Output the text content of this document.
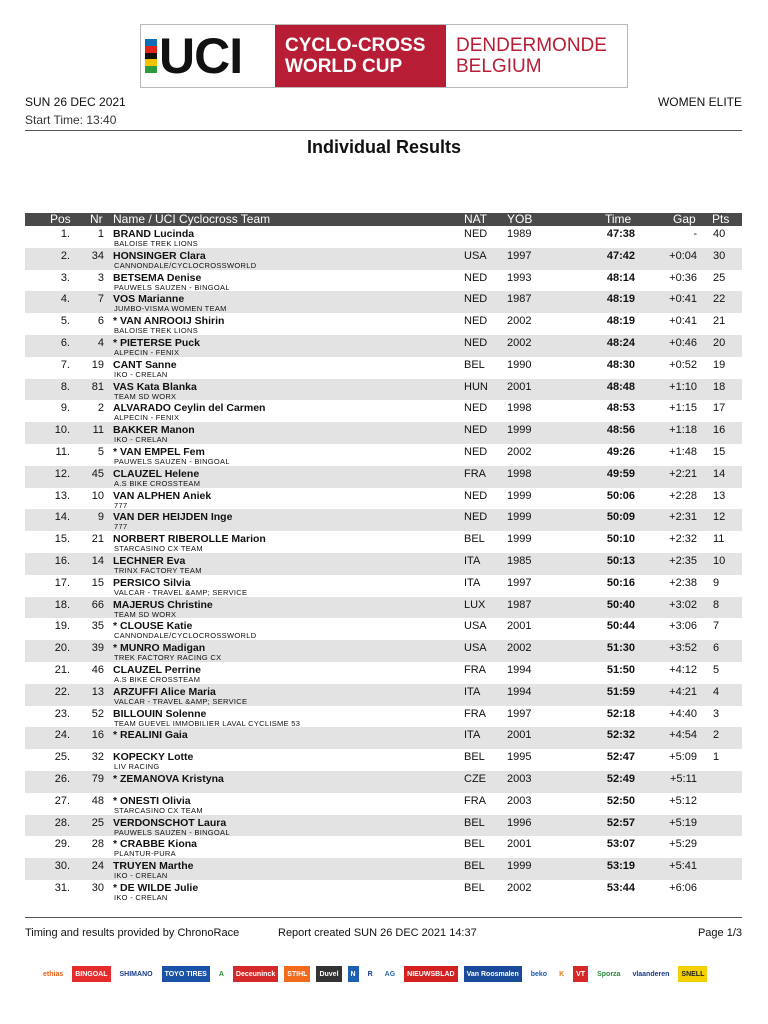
UCI CYCLO-CROSS
WORLD CUP
DENDERMONDE
BELGIUM
SUN 26 DEC 2021
Start Time: 13:40
WOMEN ELITE
Individual Results
Pos Nr Name / UCI Cyclocross Team	NAT YOB	Time	Gap Pts
1.	1 BRAND Lucinda
BALOISE TREK LIONS
NED 1989	47:38	- 40
2.	34 HONSINGER Clara
CANNONDALE/CYCLOCROSSWORLD
USA 1997	47:42	+0:04 30
3.	3 BETSEMA Denise
PAUWELS SAUZEN - BINGOAL
NED 1993	48:14	+0:36 25
4.	7 VOS Marianne
JUMBO-VISMA WOMEN TEAM
NED 1987	48:19	+0:41 22
5.	6 * VAN ANROOIJ Shirin
BALOISE TREK LIONS
NED 2002	48:19	+0:41 21
6.	4 * PIETERSE Puck
ALPECIN - FENIX
NED 2002	48:24	+0:46 20
7.	19 CANT Sanne
IKO - CRELAN
BEL 1990	48:30	+0:52 19
8.	81 VAS Kata Blanka
TEAM SD WORX
HUN 2001	48:48	+1:10 18
9.	2 ALVARADO Ceylin del Carmen
ALPECIN - FENIX
NED 1998	48:53	+1:15 17
10.	11 BAKKER Manon
IKO - CRELAN
NED 1999	48:56	+1:18 16
11.	5 * VAN EMPEL Fem
PAUWELS SAUZEN - BINGOAL
NED 2002	49:26	+1:48 15
12.	45 CLAUZEL Helene
A.S BIKE CROSSTEAM
FRA 1998	49:59	+2:21 14
13.	10 VAN ALPHEN Aniek
777
NED 1999	50:06	+2:28 13
14.	9 VAN DER HEIJDEN Inge
777
NED 1999	50:09	+2:31 12
15.	21 NORBERT RIBEROLLE Marion
STARCASINO CX TEAM
BEL 1999	50:10	+2:32 11
16.	14 LECHNER Eva
TRINX FACTORY TEAM
ITA 1985	50:13	+2:35 10
17.	15 PERSICO Silvia
VALCAR - TRAVEL &AMP; SERVICE
ITA 1997	50:16	+2:38 9
18.	66 MAJERUS Christine
TEAM SD WORX
LUX 1987	50:40	+3:02 8
19.	35 * CLOUSE Katie
CANNONDALE/CYCLOCROSSWORLD
USA 2001	50:44	+3:06 7
20.	39 * MUNRO Madigan
TREK FACTORY RACING CX
USA 2002	51:30	+3:52 6
21.	46 CLAUZEL Perrine
A.S BIKE CROSSTEAM
FRA 1994	51:50	+4:12 5
22.	13 ARZUFFI Alice Maria
VALCAR - TRAVEL &AMP; SERVICE
ITA 1994	51:59	+4:21 4
23.	52 BILLOUIN Solenne
TEAM GUEVEL IMMOBILIER LAVAL CYCLISME 53
FRA 1997	52:18	+4:40 3
24.	16 * REALINI Gaia	ITA 2001	52:32	+4:54 2
25.	32 KOPECKY Lotte
LIV RACING
BEL 1995	52:47	+5:09 1
26.	79 * ZEMANOVA Kristyna	CZE 2003	52:49	+5:11
27.	48 * ONESTI Olivia
STARCASINO CX TEAM
FRA 2003	52:50	+5:12
28.	25 VERDONSCHOT Laura
PAUWELS SAUZEN - BINGOAL
BEL 1996	52:57	+5:19
29.	28 * CRABBE Kiona
PLANTUR-PURA
BEL 2001	53:07	+5:29
30.	24 TRUYEN Marthe
IKO - CRELAN
BEL 1999	53:19	+5:41
31.	30 * DE WILDE Julie
IKO - CRELAN
BEL 2002	53:44	+6:06
Timing and results provided by ChronoRace	Report created SUN 26 DEC 2021 14:37	Page 1/3
ethias	BINGOAL	SHIMANO	TOYO TIRES	A	Deceuninck	STIHL	Duvel	N	R	AG	NIEUWSBLAD	Van Roosmalen	beko	K	VT	Sporza	vlaanderen	SNELL
